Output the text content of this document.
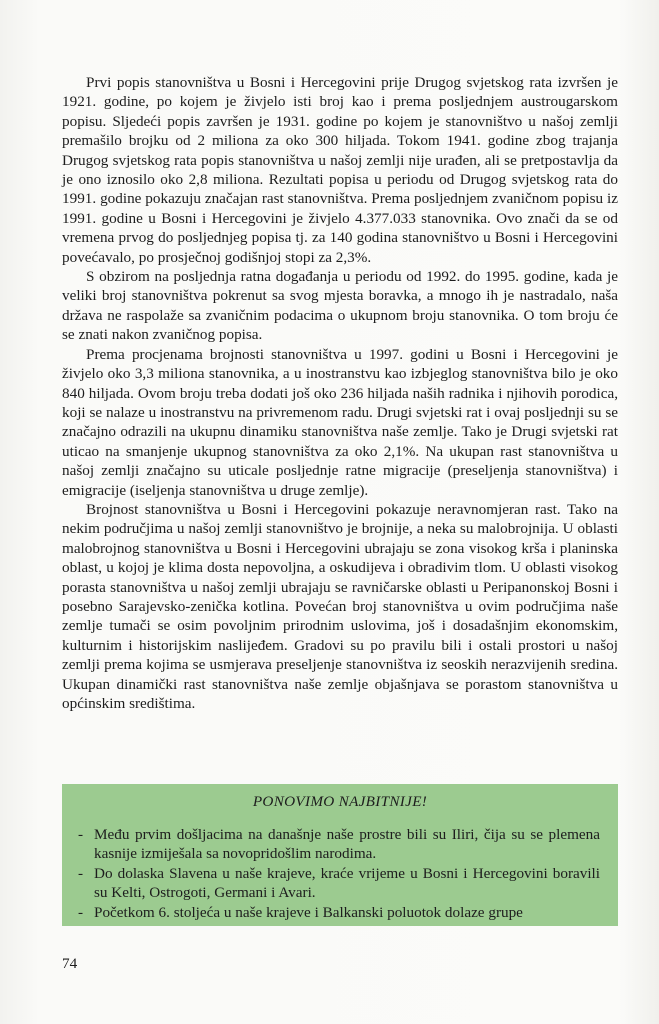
Prvi popis stanovništva u Bosni i Hercegovini prije Drugog svjetskog rata izvršen je 1921. godine, po kojem je živjelo isti broj kao i prema posljednjem austrougarskom popisu. Sljedeći popis završen je 1931. godine po kojem je stanovništvo u našoj zemlji premašilo brojku od 2 miliona za oko 300 hiljada. Tokom 1941. godine zbog trajanja Drugog svjetskog rata popis stanovništva u našoj zemlji nije urađen, ali se pretpostavlja da je ono iznosilo oko 2,8 miliona. Rezultati popisa u periodu od Drugog svjetskog rata do 1991. godine pokazuju značajan rast stanovništva. Prema posljednjem zvaničnom popisu iz 1991. godine u Bosni i Hercegovini je živjelo 4.377.033 stanovnika. Ovo znači da se od vremena prvog do posljednjeg popisa tj. za 140 godina stanovništvo u Bosni i Hercegovini povećavalo, po prosječnoj godišnjoj stopi za 2,3%.

S obzirom na posljednja ratna događanja u periodu od 1992. do 1995. godine, kada je veliki broj stanovništva pokrenut sa svog mjesta boravka, a mnogo ih je nastradalo, naša država ne raspolaže sa zvaničnim podacima o ukupnom broju stanovnika. O tom broju će se znati nakon zvaničnog popisa.

Prema procjenama brojnosti stanovništva u 1997. godini u Bosni i Hercegovini je živjelo oko 3,3 miliona stanovnika, a u inostranstvu kao izbjeglog stanovništva bilo je oko 840 hiljada. Ovom broju treba dodati još oko 236 hiljada naših radnika i njihovih porodica, koji se nalaze u inostranstvu na privremenom radu. Drugi svjetski rat i ovaj posljednji su se značajno odrazili na ukupnu dinamiku stanovništva naše zemlje. Tako je Drugi svjetski rat uticao na smanjenje ukupnog stanovništva za oko 2,1%. Na ukupan rast stanovništva u našoj zemlji značajno su uticale posljednje ratne migracije (preseljenja stanovništva) i emigracije (iseljenja stanovništva u druge zemlje).

Brojnost stanovništva u Bosni i Hercegovini pokazuje neravnomjeran rast. Tako na nekim područjima u našoj zemlji stanovništvo je brojnije, a neka su malobrojnija. U oblasti malobrojnog stanovništva u Bosni i Hercegovini ubrajaju se zona visokog krša i planinska oblast, u kojoj je klima dosta nepovoljna, a oskudijeva i obradivim tlom. U oblasti visokog porasta stanovništva u našoj zemlji ubrajaju se ravničarske oblasti u Peripanonskoj Bosni i posebno Sarajevsko-zenička kotlina. Povećan broj stanovništva u ovim područjima naše zemlje tumači se osim povoljnim prirodnim uslovima, još i dosadašnjim ekonomskim, kulturnim i historijskim naslijeđem. Gradovi su po pravilu bili i ostali prostori u našoj zemlji prema kojima se usmjerava preseljenje stanovništva iz seoskih nerazvijenih sredina. Ukupan dinamički rast stanovništva naše zemlje objašnjava se porastom stanovništva u općinskim središtima.

PONOVIMO NAJBITNIJE!
- Među prvim došljacima na današnje naše prostre bili su Iliri, čija su se plemena kasnije izmiješala sa novopridošlim narodima.
- Do dolaska Slavena u naše krajeve, kraće vrijeme u Bosni i Hercegovini boravili su Kelti, Ostrogoti, Germani i Avari.
- Početkom 6. stoljeća u naše krajeve i Balkanski poluotok dolaze grupe
74
